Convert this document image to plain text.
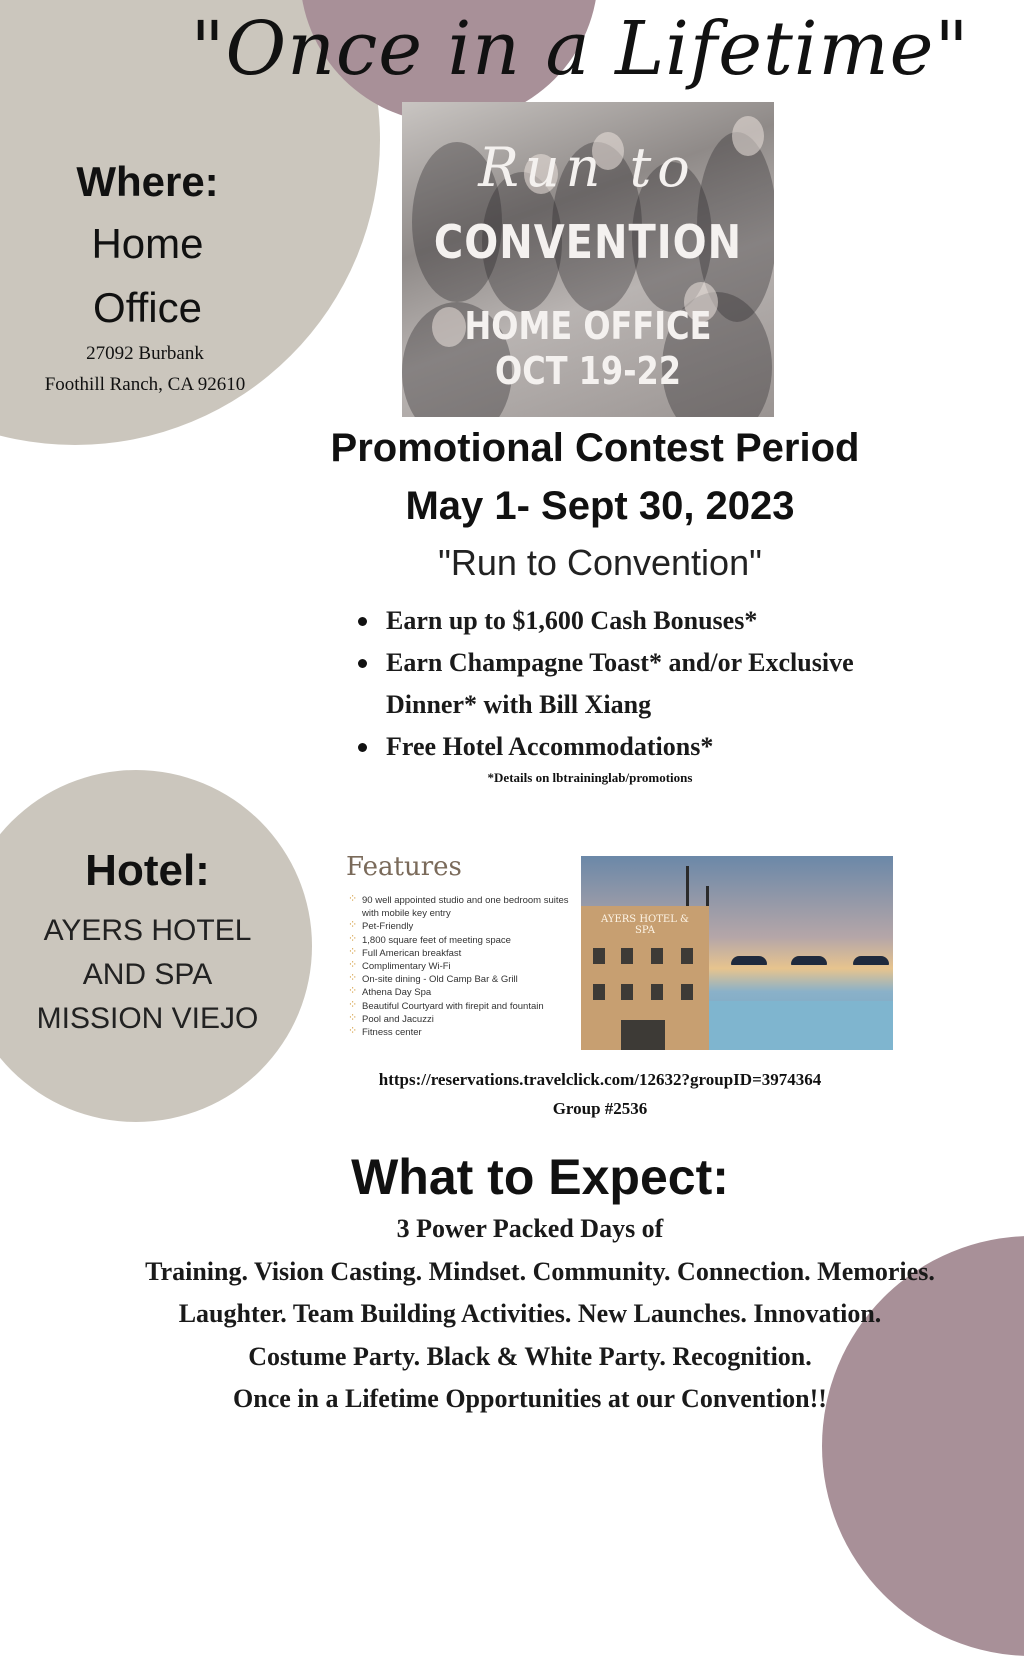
"Once in a Lifetime"
Where:
Home
Office
27092 Burbank
Foothill Ranch, CA 92610
Run to
CONVENTION
HOME OFFICE
OCT 19-22
Promotional Contest Period
May 1- Sept 30, 2023
"Run to Convention"
Earn up to $1,600 Cash Bonuses*
Earn Champagne Toast* and/or Exclusive Dinner* with Bill Xiang
Free Hotel Accommodations*
*Details on lbtraininglab/promotions
Hotel:
AYERS HOTEL
AND SPA
MISSION VIEJO
Features
⁘ 90 well appointed studio and one bedroom suites with mobile key entry
⁘ Pet-Friendly
⁘ 1,800 square feet of meeting space
⁘ Full American breakfast
⁘ Complimentary Wi-Fi
⁘ On-site dining - Old Camp Bar & Grill
⁘ Athena Day Spa
⁘ Beautiful Courtyard with firepit and fountain
⁘ Pool and Jacuzzi
⁘ Fitness center
AYERS HOTEL & SPA
https://reservations.travelclick.com/12632?groupID=3974364
Group #2536
What to Expect:
3 Power Packed Days of
Training. Vision Casting. Mindset. Community. Connection. Memories.
Laughter. Team Building Activities. New Launches. Innovation.
Costume Party. Black & White Party. Recognition.
Once in a Lifetime Opportunities at our Convention!!
